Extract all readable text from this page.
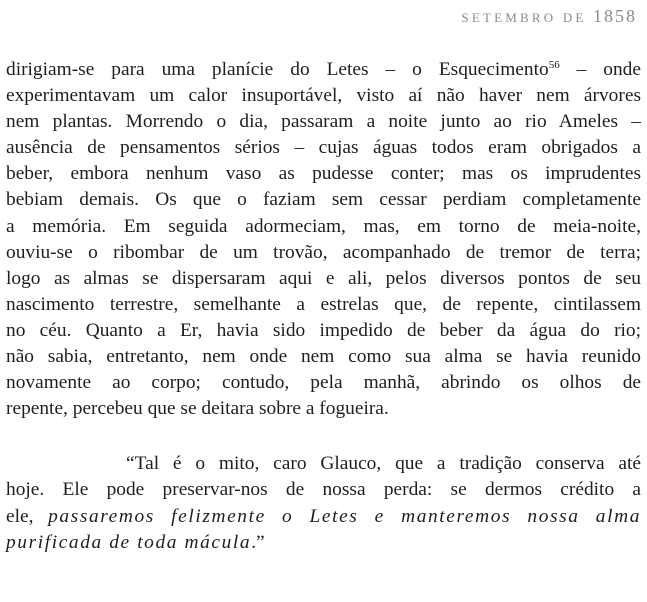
SETEMBRO DE 1858
dirigiam-se para uma planície do Letes – o Esquecimento$^{56}$ – onde
experimentavam um calor insuportável, visto aí não haver nem árvores
nem plantas. Morrendo o dia, passaram a noite junto ao rio Ameles –
ausência de pensamentos sérios – cujas águas todos eram obrigados a
beber, embora nenhum vaso as pudesse conter; mas os imprudentes
bebiam demais. Os que o faziam sem cessar perdiam completamente
a memória. Em seguida adormeciam, mas, em torno de meia-noite,
ouviu-se o ribombar de um trovão, acompanhado de tremor de terra;
logo as almas se dispersaram aqui e ali, pelos diversos pontos de seu
nascimento terrestre, semelhante a estrelas que, de repente, cintilassem
no céu. Quanto a Er, havia sido impedido de beber da água do rio;
não sabia, entretanto, nem onde nem como sua alma se havia reunido
novamente ao corpo; contudo, pela manhã, abrindo os olhos de
repente, percebeu que se deitara sobre a fogueira.
“Tal é o mito, caro Glauco, que a tradição conserva até
hoje. Ele pode preservar-nos de nossa perda: se dermos crédito a
ele, passaremos felizmente o Letes e manteremos nossa alma
purificada de toda mácula.”
